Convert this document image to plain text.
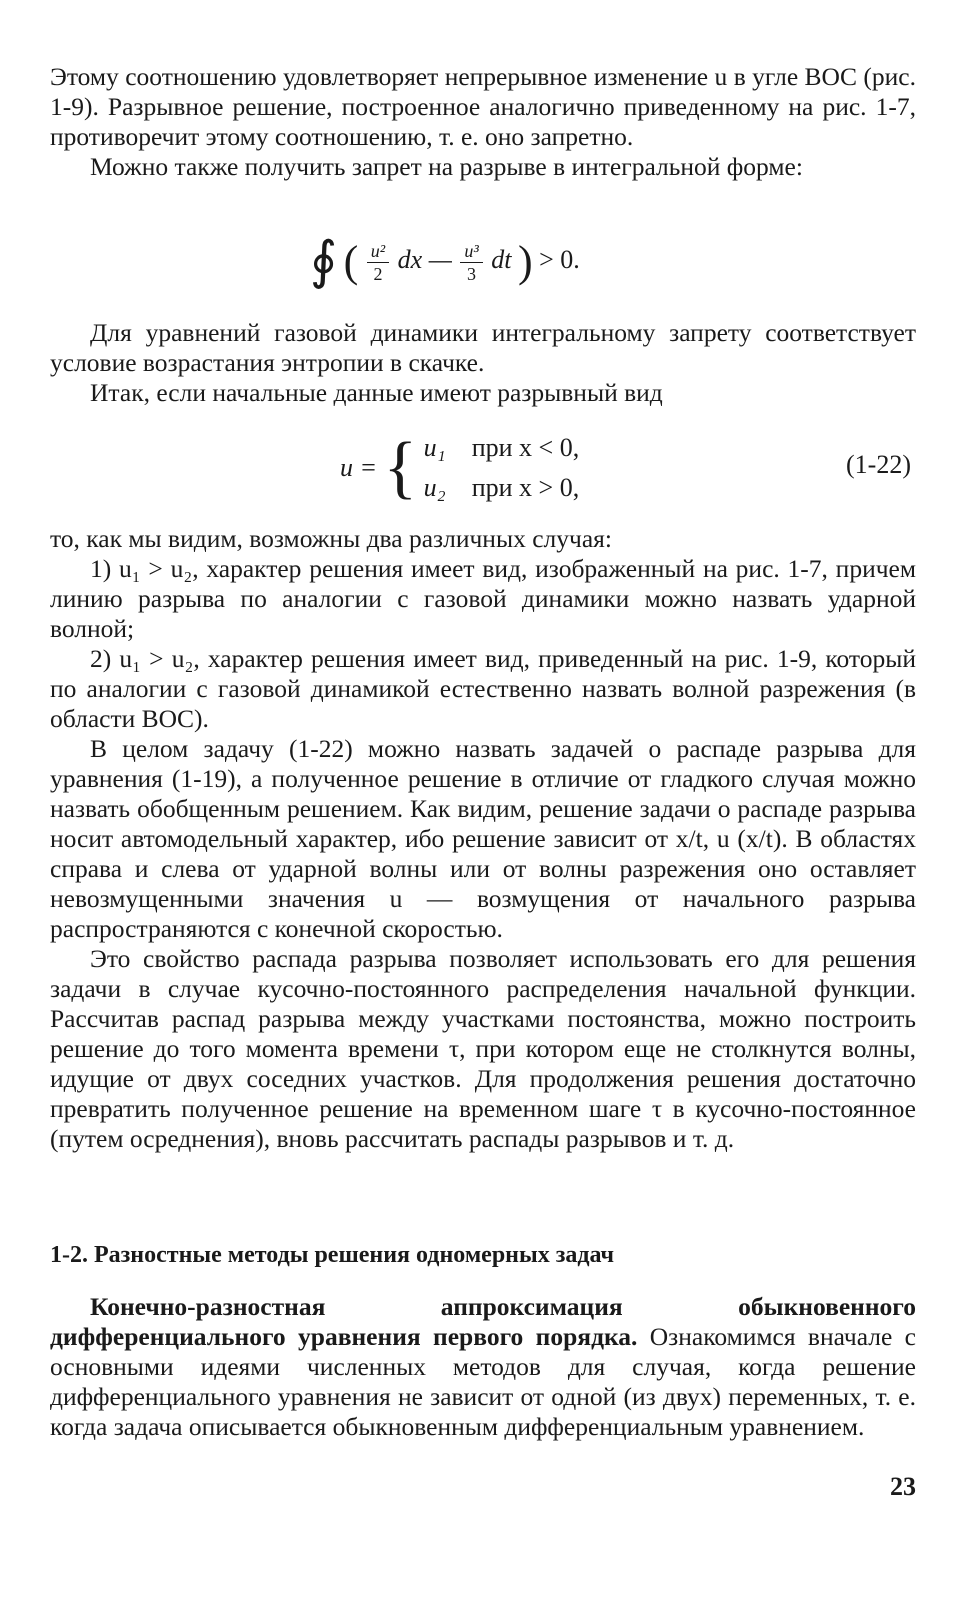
Этому соотношению удовлетворяет непрерывное изменение u в угле BOC (рис. 1-9). Разрывное решение, построенное аналогично приведенному на рис. 1-7, противоречит этому соотношению, т. е. оно запретно.

Можно также получить запрет на разрыве в интегральной форме:

∮ ( $\frac{\text{u²}}{2}$ dx — $\frac{\text{u³}}{3}$ dt ) > 0.

Для уравнений газовой динамики интегральному запрету соответствует условие возрастания энтропии в скачке.

Итак, если начальные данные имеют разрывный вид

u = { u₁ при x < 0,
u₂ при x > 0,
(1-22)

то, как мы видим, возможны два различных случая:

1) u₁ > u₂, характер решения имеет вид, изображенный на рис. 1-7, причем линию разрыва по аналогии с газовой динамики можно назвать ударной волной;

2) u₁ > u₂, характер решения имеет вид, приведенный на рис. 1-9, который по аналогии с газовой динамикой естественно назвать волной разрежения (в области BOC).

В целом задачу (1-22) можно назвать задачей о распаде разрыва для уравнения (1-19), а полученное решение в отличие от гладкого случая можно назвать обобщенным решением. Как видим, решение задачи о распаде разрыва носит автомодельный характер, ибо решение зависит от x/t, u (x/t). В областях справа и слева от ударной волны или от волны разрежения оно оставляет невозмущенными значения u — возмущения от начального разрыва распространяются с конечной скоростью.

Это свойство распада разрыва позволяет использовать его для решения задачи в случае кусочно-постоянного распределения начальной функции. Рассчитав распад разрыва между участками постоянства, можно построить решение до того момента времени τ, при котором еще не столкнутся волны, идущие от двух соседних участков. Для продолжения решения достаточно превратить полученное решение на временном шаге τ в кусочно-постоянное (путем осреднения), вновь рассчитать распады разрывов и т. д.

1-2. Разностные методы решения одномерных задач

Конечно-разностная аппроксимация обыкновенного дифференциального уравнения первого порядка. Ознакомимся вначале с основными идеями численных методов для случая, когда решение дифференциального уравнения не зависит от одной (из двух) переменных, т. е. когда задача описывается обыкновенным дифференциальным уравнением.

23
